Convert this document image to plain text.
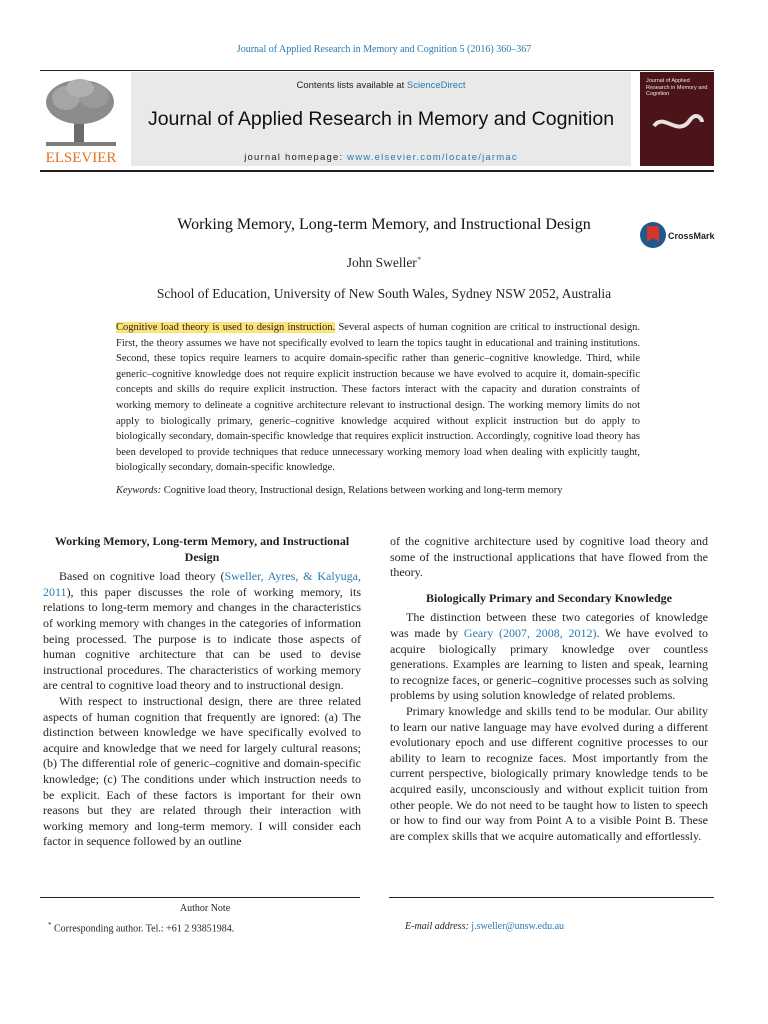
Journal of Applied Research in Memory and Cognition 5 (2016) 360–367
ELSEVIER
Contents lists available at ScienceDirect
Journal of Applied Research in Memory and Cognition
journal homepage: www.elsevier.com/locate/jarmac
Journal of Applied Research in Memory and Cognition
Working Memory, Long-term Memory, and Instructional Design
CrossMark
John Sweller*
School of Education, University of New South Wales, Sydney NSW 2052, Australia
Cognitive load theory is used to design instruction. Several aspects of human cognition are critical to instructional design. First, the theory assumes we have not specifically evolved to learn the topics taught in educational and training institutions. Second, these topics require learners to acquire domain-specific rather than generic–cognitive knowledge. Third, while generic–cognitive knowledge does not require explicit instruction because we have evolved to acquire it, domain-specific concepts and skills do require explicit instruction. These factors interact with the capacity and duration constraints of working memory to delineate a cognitive architecture relevant to instructional design. The working memory limits do not apply to biologically primary, generic–cognitive knowledge acquired without explicit instruction but do apply to biologically secondary, domain-specific knowledge that requires explicit instruction. Accordingly, cognitive load theory has been developed to provide techniques that reduce unnecessary working memory load when dealing with explicitly taught, biologically secondary, domain-specific knowledge.
Keywords: Cognitive load theory, Instructional design, Relations between working and long-term memory
Working Memory, Long-term Memory, and Instructional Design

Based on cognitive load theory (Sweller, Ayres, & Kalyuga, 2011), this paper discusses the role of working memory, its relations to long-term memory and changes in the characteristics of working memory with changes in the categories of information being processed. The purpose is to indicate those aspects of human cognitive architecture that can be used to devise instructional procedures. The characteristics of working memory are central to cognitive load theory and to instructional design.

With respect to instructional design, there are three related aspects of human cognition that frequently are ignored: (a) The distinction between knowledge we have specifically evolved to acquire and knowledge that we need for largely cultural reasons; (b) The differential role of generic–cognitive and domain-specific knowledge; (c) The conditions under which instruction needs to be explicit. Each of these factors is important for their own reasons but they are related through their interaction with working memory and long-term memory. I will consider each factor in sequence followed by an outline

of the cognitive architecture used by cognitive load theory and some of the instructional applications that have flowed from the theory.

Biologically Primary and Secondary Knowledge

The distinction between these two categories of knowledge was made by Geary (2007, 2008, 2012). We have evolved to acquire biologically primary knowledge over countless generations. Examples are learning to listen and speak, learning to recognize faces, or generic–cognitive processes such as solving problems by using solution knowledge of related problems.

Primary knowledge and skills tend to be modular. Our ability to learn our native language may have evolved during a different evolutionary epoch and use different cognitive processes to our ability to learn to recognize faces. Most importantly from the current perspective, biologically primary knowledge tends to be acquired easily, unconsciously and without explicit tuition from other people. We do not need to be taught how to listen to speech or how to find our way from Point A to a visible Point B. These are complex skills that we acquire automatically and effortlessly.

Author Note
* Corresponding author. Tel.: +61 2 93851984.	E-mail address: j.sweller@unsw.edu.au
